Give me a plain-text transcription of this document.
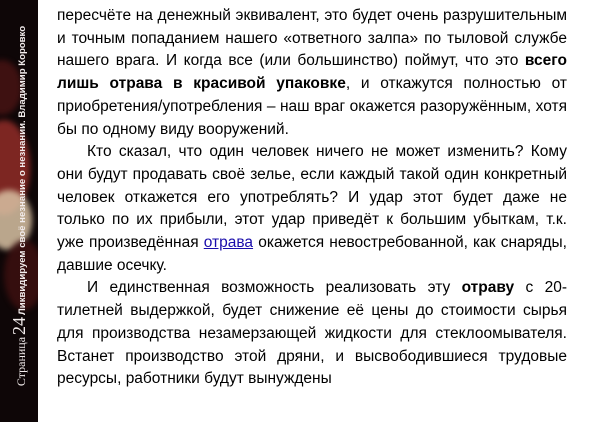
Страница
24
Ликвидируем своё незнание о незнании. Владимир Коровко

пересчёте на денежный эквивалент, это будет очень разрушительным и точным попаданием нашего «ответного залпа» по тыловой службе нашего врага. И когда все (или большинство) поймут, что это всего лишь отрава в красивой упаковке, и откажутся полностью от приобретения/употребления – наш враг окажется разоружённым, хотя бы по одному виду вооружений.

Кто сказал, что один человек ничего не может изменить? Кому они будут продавать своё зелье, если каждый такой один конкретный человек откажется его употреблять? И удар этот будет даже не только по их прибыли, этот удар приведёт к большим убыткам, т.к. уже произведённая отрава окажется невостребованной, как снаряды, давшие осечку.

И единственная возможность реализовать эту отраву с 20-тилетней выдержкой, будет снижение её цены до стоимости сырья для производства незамерзающей жидкости для стеклоомывателя. Встанет производство этой дряни, и высвободившиеся трудовые ресурсы, работники будут вынуждены
